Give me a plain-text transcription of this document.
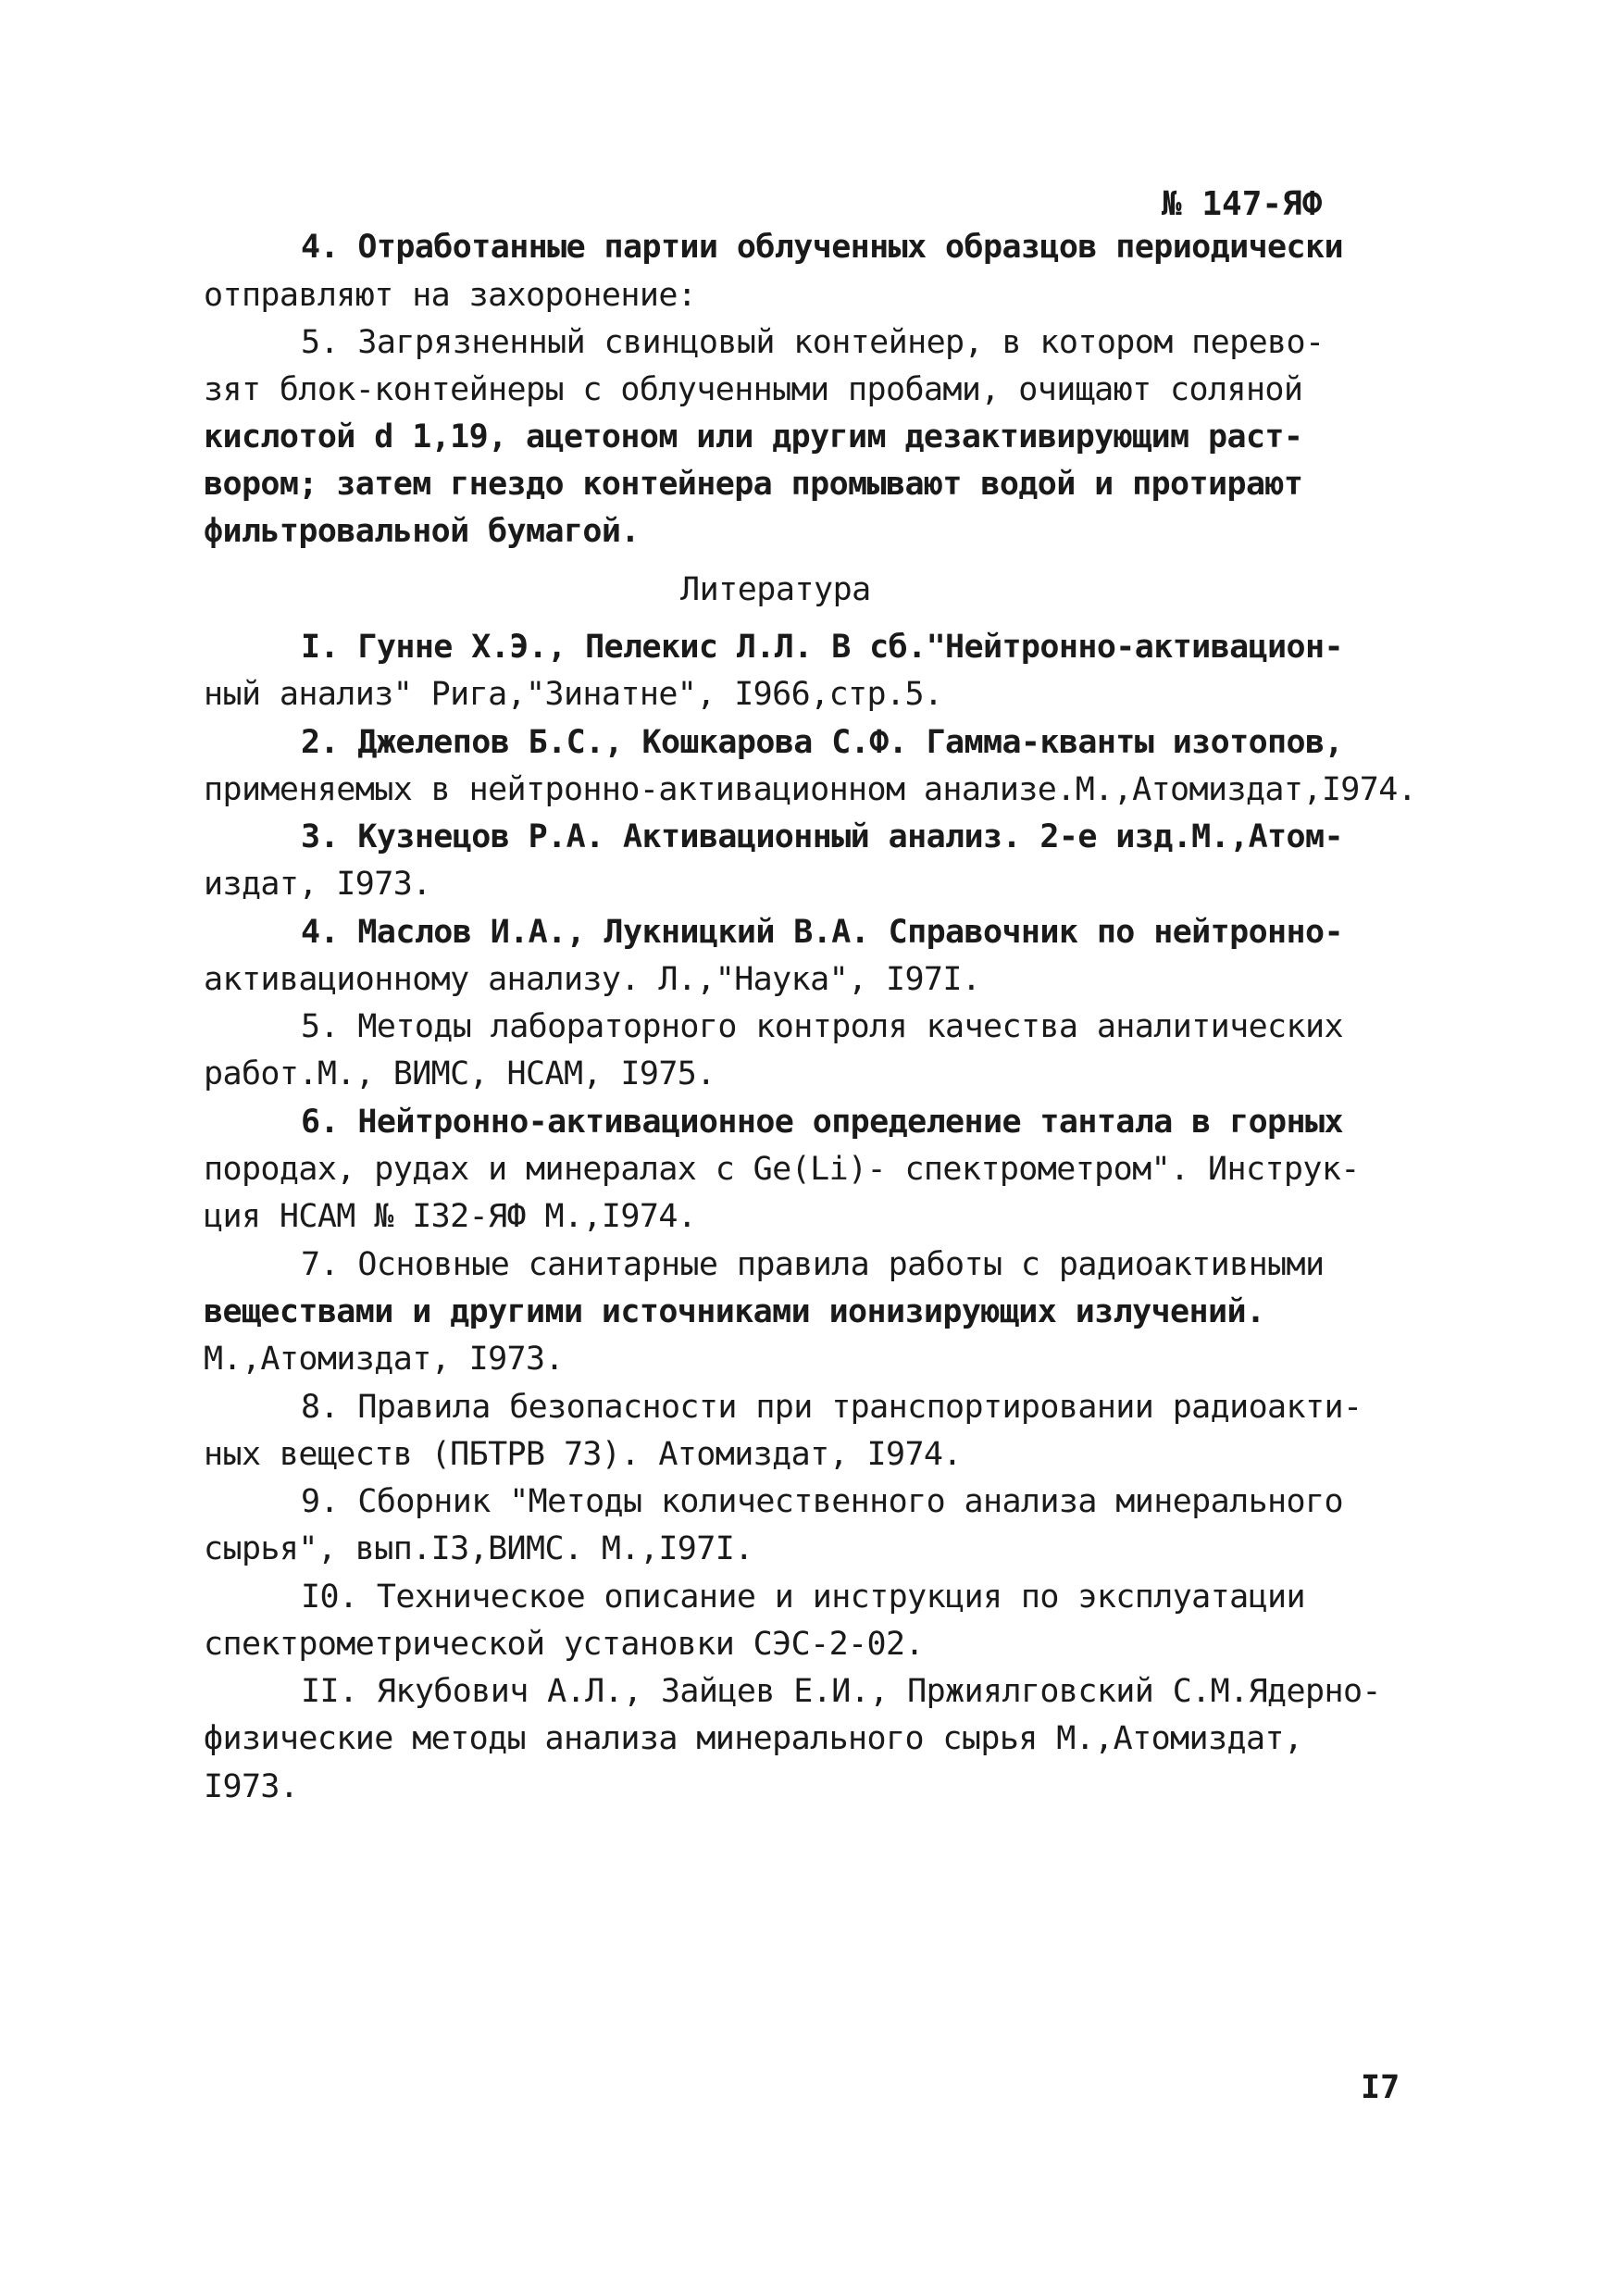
№ 147-ЯФ
4. Отработанные партии облученных образцов периодически
отправляют на захоронение:
5. Загрязненный свинцовый контейнер, в котором перево-
зят блок-контейнеры с облученными пробами, очищают соляной
кислотой d 1,19, ацетоном или другим дезактивирующим раст-
вором; затем гнездо контейнера промывают водой и протирают
фильтровальной бумагой.
Литература
I. Гунне Х.Э., Пелекис Л.Л. В сб."Нейтронно-активацион-
ный анализ" Рига,"Зинатне", I966,стр.5.
2. Джелепов Б.С., Кошкарова С.Ф. Гамма-кванты изотопов,
применяемых в нейтронно-активационном анализе.М.,Атомиздат,I974.
3. Кузнецов Р.А. Активационный анализ. 2-е изд.М.,Атом-
издат, I973.
4. Маслов И.А., Лукницкий В.А. Справочник по нейтронно-
активационному анализу. Л.,"Наука", I97I.
5. Методы лабораторного контроля качества аналитических
работ.М., ВИМС, НСАМ, I975.
6. Нейтронно-активационное определение тантала в горных
породах, рудах и минералах с Ge(Li)- спектрометром". Инструк-
ция НСАМ № I32-ЯФ М.,I974.
7. Основные санитарные правила работы с радиоактивными
веществами и другими источниками ионизирующих излучений.
М.,Атомиздат, I973.
8. Правила безопасности при транспортировании радиоакти-
ных веществ (ПБТРВ 73). Атомиздат, I974.
9. Сборник "Методы количественного анализа минерального
сырья", вып.I3,ВИМС. М.,I97I.
I0. Техническое описание и инструкция по эксплуатации
спектрометрической установки СЭС-2-02.
II. Якубович А.Л., Зайцев Е.И., Пржиялговский С.М.Ядерно-
физические методы анализа минерального сырья М.,Атомиздат,
I973.
I7
